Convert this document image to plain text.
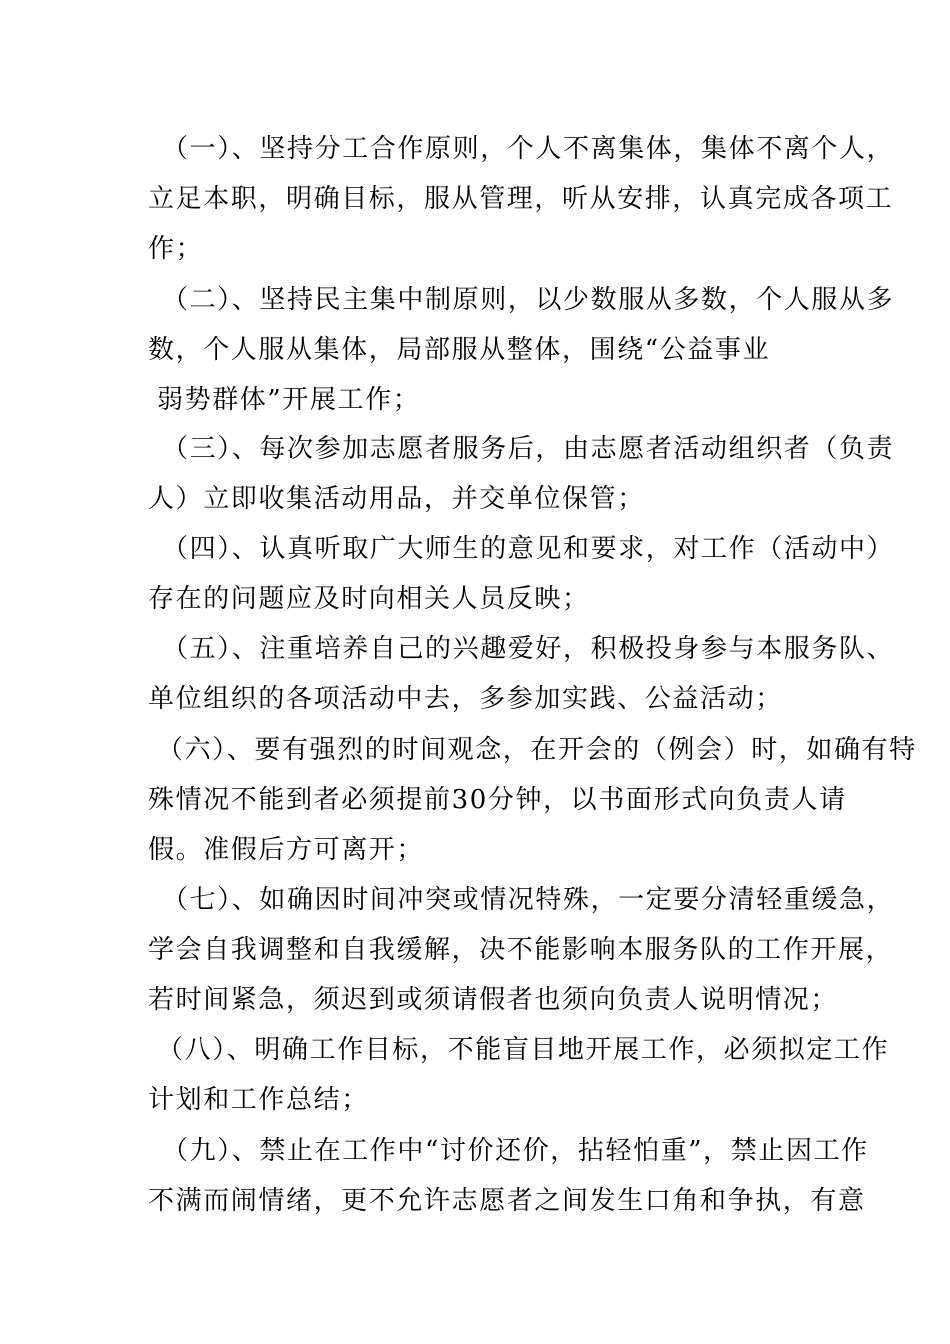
（一）、坚持分工合作原则，个人不离集体，集体不离个人，
立足本职，明确目标，服从管理，听从安排，认真完成各项工
作；
（二）、坚持民主集中制原则，以少数服从多数，个人服从多
数，个人服从集体，局部服从整体，围绕“公益事业
弱势群体”开展工作；
（三）、每次参加志愿者服务后，由志愿者活动组织者（负责
人）立即收集活动用品，并交单位保管；
（四）、认真听取广大师生的意见和要求，对工作（活动中）
存在的问题应及时向相关人员反映；
（五）、注重培养自己的兴趣爱好，积极投身参与本服务队、
单位组织的各项活动中去，多参加实践、公益活动；
（六）、要有强烈的时间观念，在开会的（例会）时，如确有特
殊情况不能到者必须提前30分钟，以书面形式向负责人请
假。准假后方可离开；
（七）、如确因时间冲突或情况特殊，一定要分清轻重缓急，
学会自我调整和自我缓解，决不能影响本服务队的工作开展，
若时间紧急，须迟到或须请假者也须向负责人说明情况；
（八）、明确工作目标，不能盲目地开展工作，必须拟定工作
计划和工作总结；
（九）、禁止在工作中“讨价还价，拈轻怕重”，禁止因工作
不满而闹情绪，更不允许志愿者之间发生口角和争执，有意
